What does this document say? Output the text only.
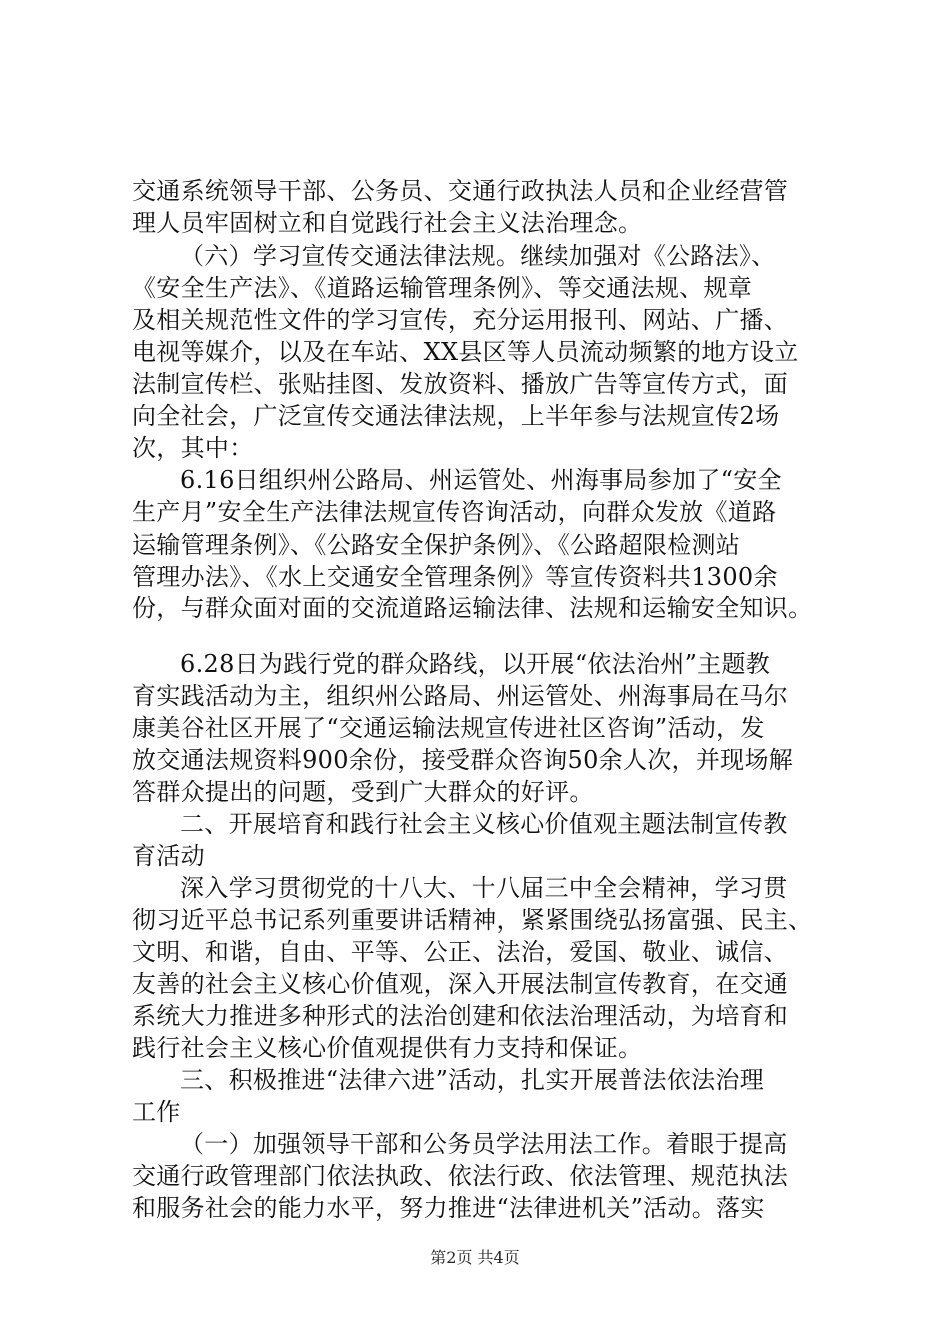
交通系统领导干部、公务员、交通行政执法人员和企业经营管
理人员牢固树立和自觉践行社会主义法治理念。
（六）学习宣传交通法律法规。继续加强对《公路法》、
《安全生产法》、《道路运输管理条例》、等交通法规、规章
及相关规范性文件的学习宣传，充分运用报刊、网站、广播、
电视等媒介，以及在车站、XX县区等人员流动频繁的地方设立
法制宣传栏、张贴挂图、发放资料、播放广告等宣传方式，面
向全社会，广泛宣传交通法律法规，上半年参与法规宣传2场
次，其中：
6.16日组织州公路局、州运管处、州海事局参加了“安全
生产月”安全生产法律法规宣传咨询活动，向群众发放《道路
运输管理条例》、《公路安全保护条例》、《公路超限检测站
管理办法》、《水上交通安全管理条例》等宣传资料共1300余
份，与群众面对面的交流道路运输法律、法规和运输安全知识。
6.28日为践行党的群众路线，以开展“依法治州”主题教
育实践活动为主，组织州公路局、州运管处、州海事局在马尔
康美谷社区开展了“交通运输法规宣传进社区咨询”活动，发
放交通法规资料900余份，接受群众咨询50余人次，并现场解
答群众提出的问题，受到广大群众的好评。
二、开展培育和践行社会主义核心价值观主题法制宣传教
育活动
深入学习贯彻党的十八大、十八届三中全会精神，学习贯
彻习近平总书记系列重要讲话精神，紧紧围绕弘扬富强、民主、
文明、和谐，自由、平等、公正、法治，爱国、敬业、诚信、
友善的社会主义核心价值观，深入开展法制宣传教育，在交通
系统大力推进多种形式的法治创建和依法治理活动，为培育和
践行社会主义核心价值观提供有力支持和保证。
三、积极推进“法律六进”活动，扎实开展普法依法治理
工作
（一）加强领导干部和公务员学法用法工作。着眼于提高
交通行政管理部门依法执政、依法行政、依法管理、规范执法
和服务社会的能力水平，努力推进“法律进机关”活动。落实
第2页 共4页
